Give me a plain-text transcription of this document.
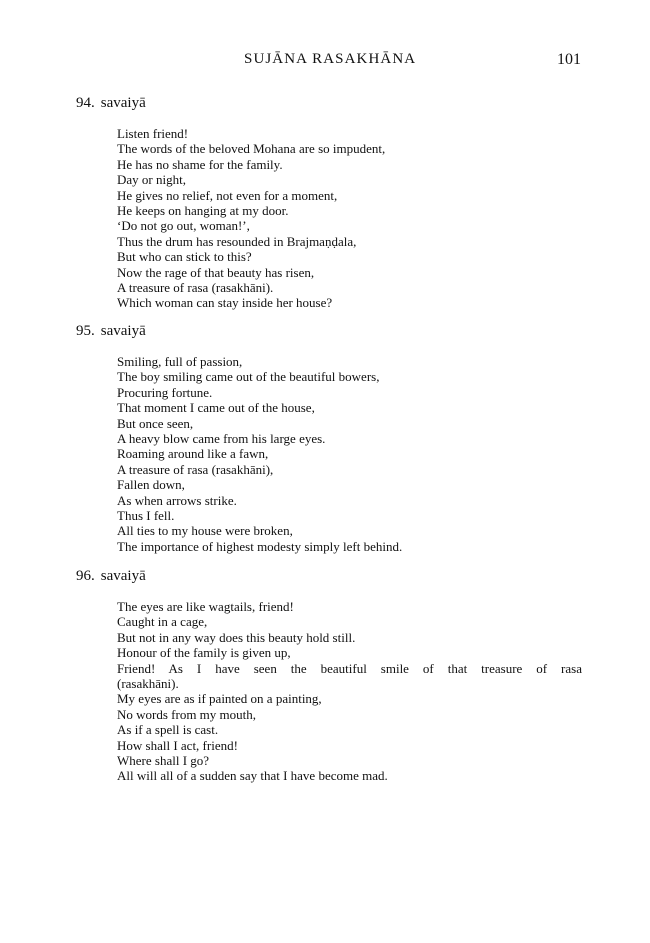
SUJĀNA RASAKHĀNA	101
94. savaiyā
Listen friend!
The words of the beloved Mohana are so impudent,
He has no shame for the family.
Day or night,
He gives no relief, not even for a moment,
He keeps on hanging at my door.
‘Do not go out, woman!’,
Thus the drum has resounded in Brajmaṇḍala,
But who can stick to this?
Now the rage of that beauty has risen,
A treasure of rasa (rasakhāni).
Which woman can stay inside her house?
95. savaiyā
Smiling, full of passion,
The boy smiling came out of the beautiful bowers,
Procuring fortune.
That moment I came out of the house,
But once seen,
A heavy blow came from his large eyes.
Roaming around like a fawn,
A treasure of rasa (rasakhāni),
Fallen down,
As when arrows strike.
Thus I fell.
All ties to my house were broken,
The importance of highest modesty simply left behind.
96. savaiyā
The eyes are like wagtails, friend!
Caught in a cage,
But not in any way does this beauty hold still.
Honour of the family is given up,
Friend! As I have seen the beautiful smile of that treasure of rasa
(rasakhāni).
My eyes are as if painted on a painting,
No words from my mouth,
As if a spell is cast.
How shall I act, friend!
Where shall I go?
All will all of a sudden say that I have become mad.
